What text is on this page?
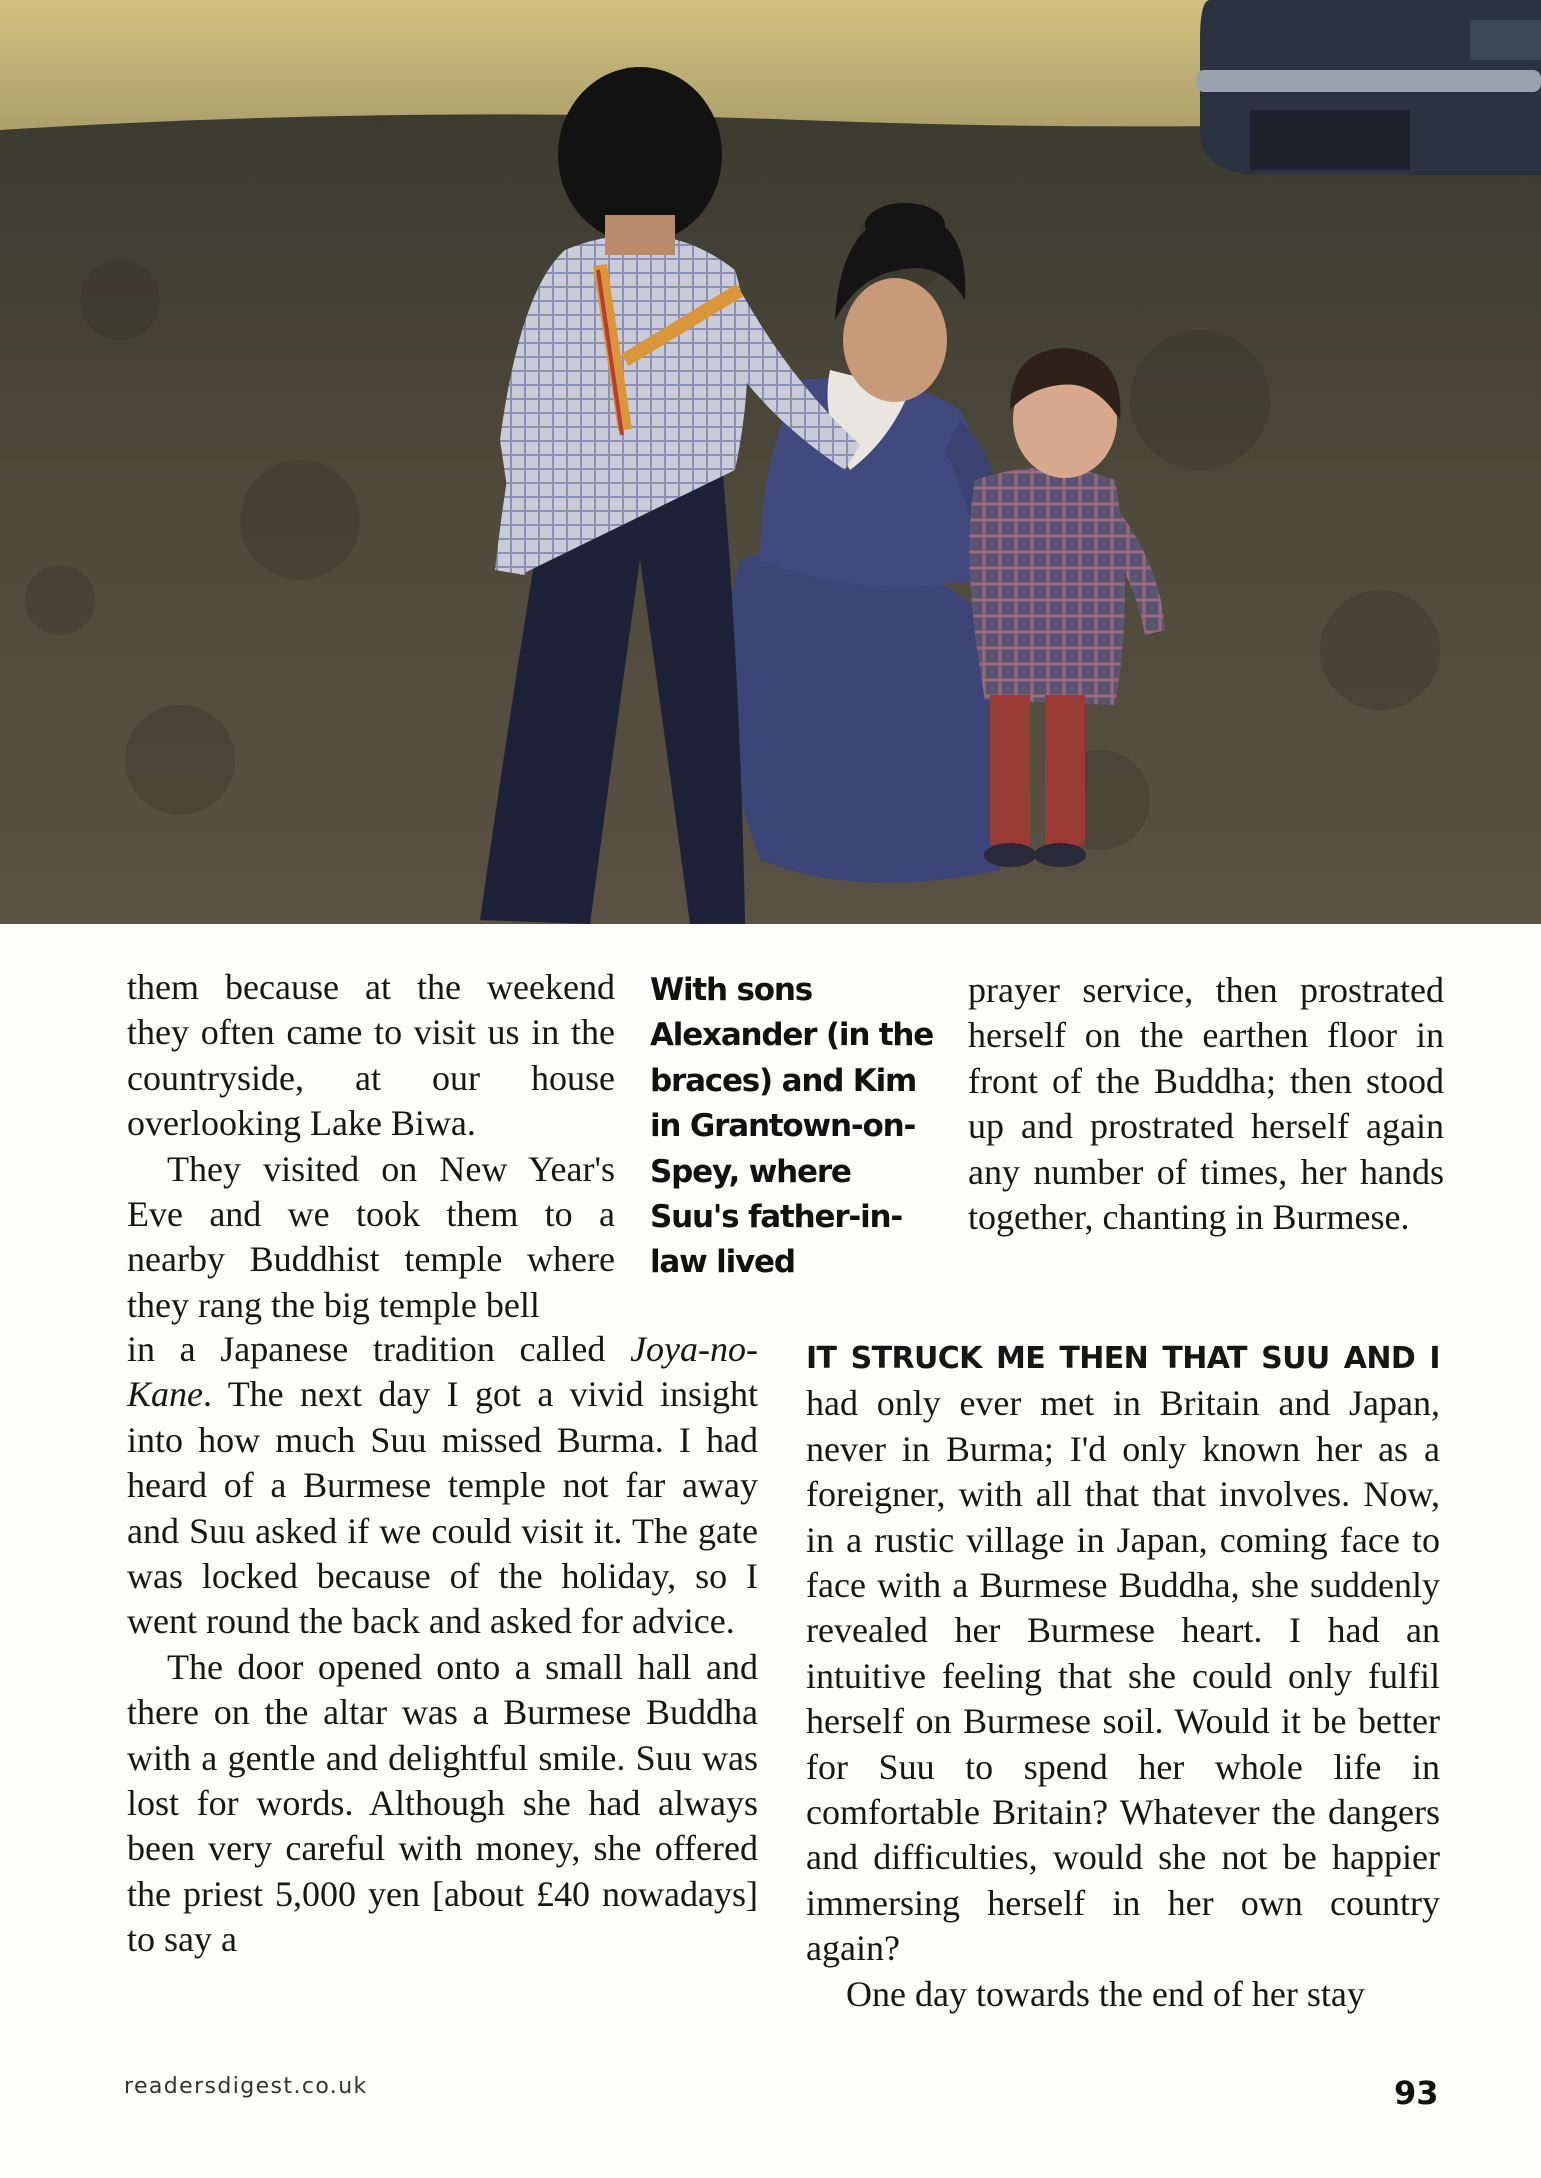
them because at the weekend they often came to visit us in the countryside, at our house overlooking Lake Biwa.

They visited on New Year's Eve and we took them to a nearby Buddhist temple where they rang the big temple bell

in a Japanese tradition called Joya-no-Kane. The next day I got a vivid insight into how much Suu missed Burma. I had heard of a Burmese temple not far away and Suu asked if we could visit it. The gate was locked because of the holiday, so I went round the back and asked for advice.

The door opened onto a small hall and there on the altar was a Burmese Buddha with a gentle and delightful smile. Suu was lost for words. Although she had always been very careful with money, she offered the priest 5,000 yen [about £40 nowadays] to say a

With sons
Alexander (in the
braces) and Kim
in Grantown-on-
Spey, where
Suu's father-in-
law lived

prayer service, then prostrated herself on the earthen floor in front of the Buddha; then stood up and prostrated herself again any number of times, her hands together, chanting in Burmese.

IT STRUCK ME THEN THAT SUU AND I had only ever met in Britain and Japan, never in Burma; I'd only known her as a foreigner, with all that that involves. Now, in a rustic village in Japan, coming face to face with a Burmese Buddha, she suddenly revealed her Burmese heart. I had an intuitive feeling that she could only fulfil herself on Burmese soil. Would it be better for Suu to spend her whole life in comfortable Britain? Whatever the dangers and difficulties, would she not be happier immersing herself in her own country again?

One day towards the end of her stay

readersdigest.co.uk	93
